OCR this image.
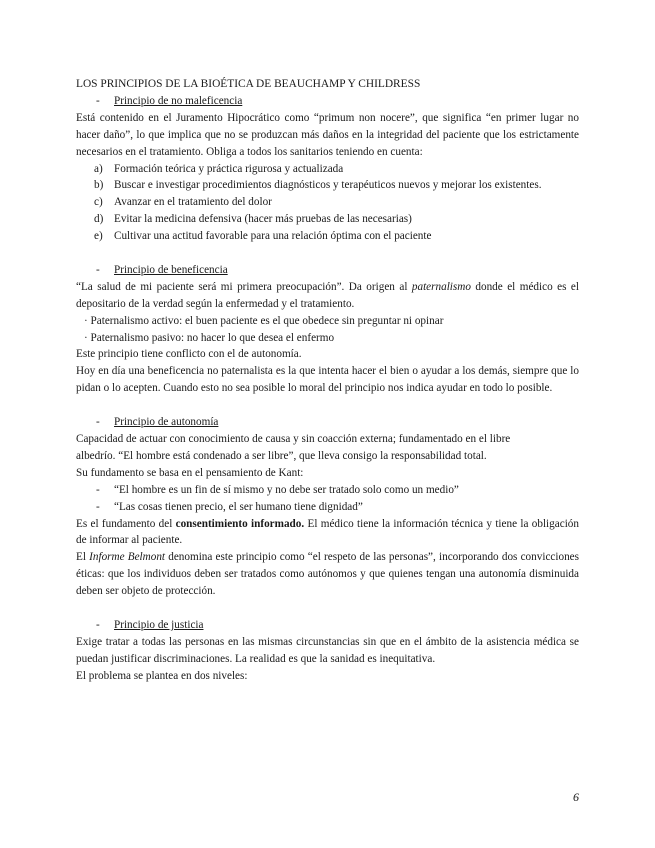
LOS PRINCIPIOS DE LA BIOÉTICA DE BEAUCHAMP Y CHILDRESS

- Principio de no maleficencia

Está contenido en el Juramento Hipocrático como “primum non nocere”, que significa “en primer lugar no hacer daño”, lo que implica que no se produzcan más daños en la integridad del paciente que los estrictamente necesarios en el tratamiento. Obliga a todos los sanitarios teniendo en cuenta:

a) Formación teórica y práctica rigurosa y actualizada
b) Buscar e investigar procedimientos diagnósticos y terapéuticos nuevos y mejorar los existentes.
c) Avanzar en el tratamiento del dolor
d) Evitar la medicina defensiva (hacer más pruebas de las necesarias)
e) Cultivar una actitud favorable para una relación óptima con el paciente
- Principio de beneficencia

“La salud de mi paciente será mi primera preocupación”. Da origen al paternalismo donde el médico es el depositario de la verdad según la enfermedad y el tratamiento.

· Paternalismo activo: el buen paciente es el que obedece sin preguntar ni opinar
· Paternalismo pasivo: no hacer lo que desea el enfermo

Este principio tiene conflicto con el de autonomía.

Hoy en día una beneficencia no paternalista es la que intenta hacer el bien o ayudar a los demás, siempre que lo pidan o lo acepten. Cuando esto no sea posible lo moral del principio nos indica ayudar en todo lo posible.

- Principio de autonomía
Capacidad de actuar con conocimiento de causa y sin coacción externa; fundamentado en el libre
albedrío. “El hombre está condenado a ser libre”, que lleva consigo la responsabilidad total.
Su fundamento se basa en el pensamiento de Kant:
- “El hombre es un fin de sí mismo y no debe ser tratado solo como un medio”
- “Las cosas tienen precio, el ser humano tiene dignidad”

Es el fundamento del consentimiento informado. El médico tiene la información técnica y tiene la obligación de informar al paciente.

El Informe Belmont denomina este principio como “el respeto de las personas”, incorporando dos convicciones éticas: que los individuos deben ser tratados como autónomos y que quienes tengan una autonomía disminuida deben ser objeto de protección.

- Principio de justicia

Exige tratar a todas las personas en las mismas circunstancias sin que en el ámbito de la asistencia médica se puedan justificar discriminaciones. La realidad es que la sanidad es inequitativa.

El problema se plantea en dos niveles:

6
